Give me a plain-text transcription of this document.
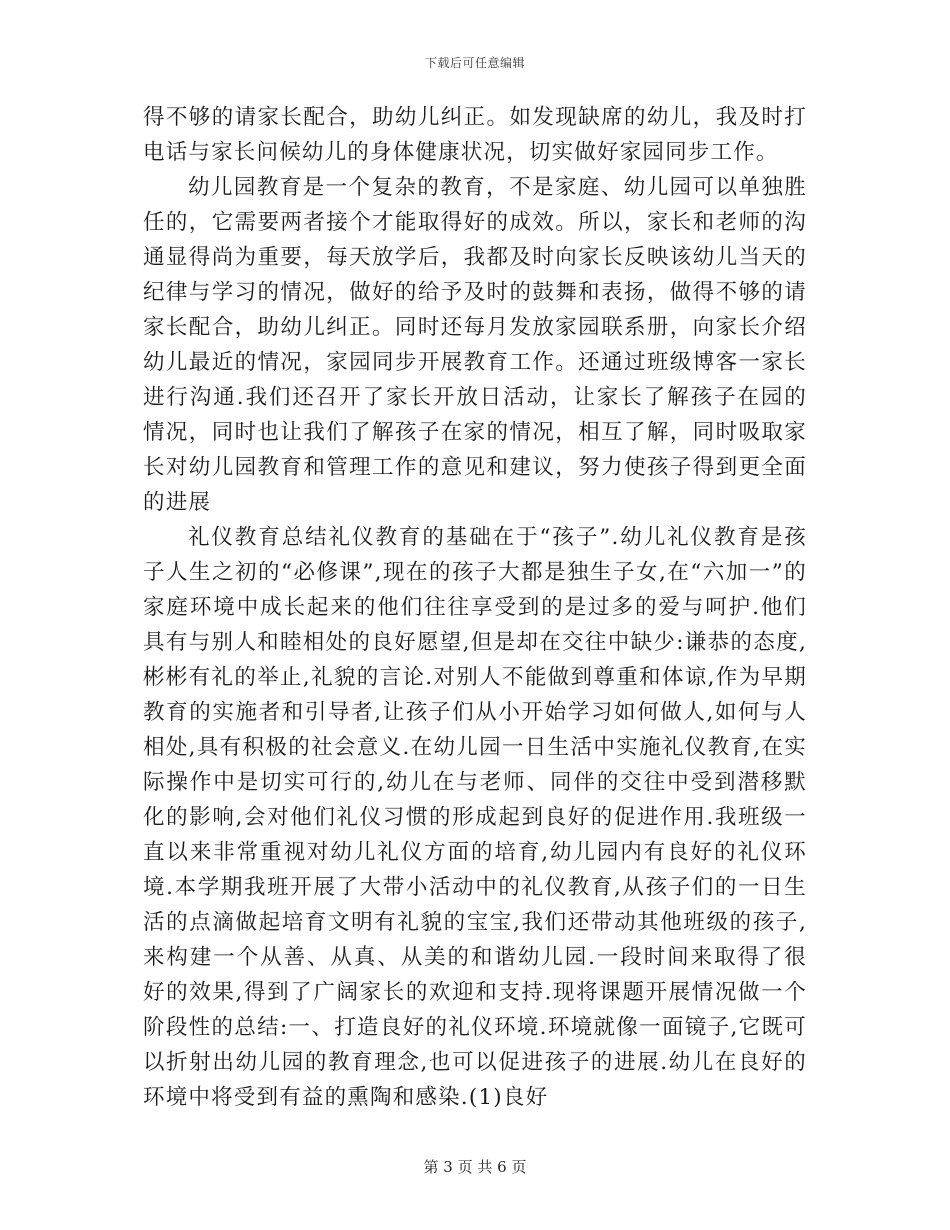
下载后可任意编辑

得不够的请家长配合，助幼儿纠正。如发现缺席的幼儿，我及时打电话与家长问候幼儿的身体健康状况，切实做好家园同步工作。

幼儿园教育是一个复杂的教育，不是家庭、幼儿园可以单独胜任的，它需要两者接个才能取得好的成效。所以，家长和老师的沟通显得尚为重要，每天放学后，我都及时向家长反映该幼儿当天的纪律与学习的情况，做好的给予及时的鼓舞和表扬，做得不够的请家长配合，助幼儿纠正。同时还每月发放家园联系册，向家长介绍幼儿最近的情况，家园同步开展教育工作。还通过班级博客一家长进行沟通.我们还召开了家长开放日活动，让家长了解孩子在园的情况，同时也让我们了解孩子在家的情况，相互了解，同时吸取家长对幼儿园教育和管理工作的意见和建议，努力使孩子得到更全面的进展

礼仪教育总结礼仪教育的基础在于“孩子”.幼儿礼仪教育是孩子人生之初的“必修课”,现在的孩子大都是独生子女,在“六加一”的家庭环境中成长起来的他们往往享受到的是过多的爱与呵护.他们具有与别人和睦相处的良好愿望,但是却在交往中缺少:谦恭的态度,彬彬有礼的举止,礼貌的言论.对别人不能做到尊重和体谅,作为早期教育的实施者和引导者,让孩子们从小开始学习如何做人,如何与人相处,具有积极的社会意义.在幼儿园一日生活中实施礼仪教育,在实际操作中是切实可行的,幼儿在与老师、同伴的交往中受到潜移默化的影响,会对他们礼仪习惯的形成起到良好的促进作用.我班级一直以来非常重视对幼儿礼仪方面的培育,幼儿园内有良好的礼仪环境.本学期我班开展了大带小活动中的礼仪教育,从孩子们的一日生活的点滴做起培育文明有礼貌的宝宝,我们还带动其他班级的孩子,来构建一个从善、从真、从美的和谐幼儿园.一段时间来取得了很好的效果,得到了广阔家长的欢迎和支持.现将课题开展情况做一个阶段性的总结:一、打造良好的礼仪环境.环境就像一面镜子,它既可以折射出幼儿园的教育理念,也可以促进孩子的进展.幼儿在良好的环境中将受到有益的熏陶和感染.(1)良好

第 3 页 共 6 页
